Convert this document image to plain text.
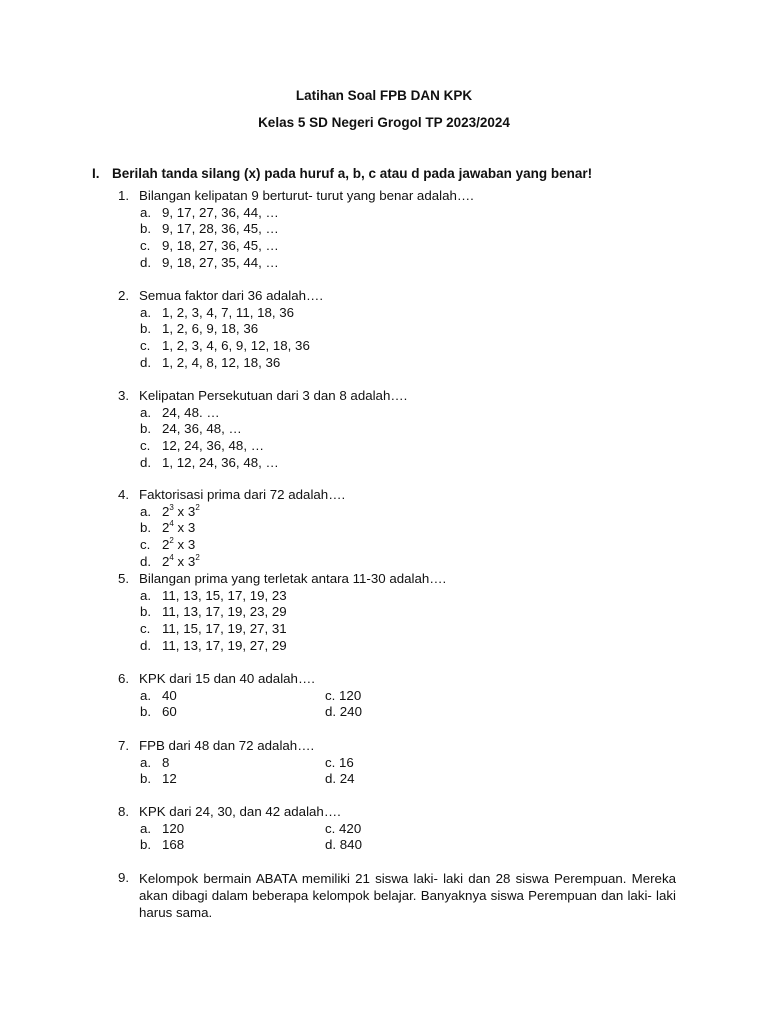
Latihan Soal FPB DAN KPK
Kelas 5 SD Negeri Grogol TP 2023/2024
I. Berilah tanda silang (x) pada huruf a, b, c atau d pada jawaban yang benar!
1. Bilangan kelipatan 9 berturut- turut yang benar adalah….
a. 9, 17, 27, 36, 44, …
b. 9, 17, 28, 36, 45, …
c. 9, 18, 27, 36, 45, …
d. 9, 18, 27, 35, 44, …
2. Semua faktor dari 36 adalah….
a. 1, 2, 3, 4, 7, 11, 18, 36
b. 1, 2, 6, 9, 18, 36
c. 1, 2, 3, 4, 6, 9, 12, 18, 36
d. 1, 2, 4, 8, 12, 18, 36
3. Kelipatan Persekutuan dari 3 dan 8 adalah….
a. 24, 48. …
b. 24, 36, 48, …
c. 12, 24, 36, 48, …
d. 1, 12, 24, 36, 48, …
4. Faktorisasi prima dari 72 adalah….
a. $2^3$ x $3^2$
b. $2^4$ x 3
c. $2^2$ x 3
d. $2^4$ x $3^2$
5. Bilangan prima yang terletak antara 11-30 adalah….
a. 11, 13, 15, 17, 19, 23
b. 11, 13, 17, 19, 23, 29
c. 11, 15, 17, 19, 27, 31
d. 11, 13, 17, 19, 27, 29
6. KPK dari 15 dan 40 adalah….
a. 40	c. 120
b. 60	d. 240
7. FPB dari 48 dan 72 adalah….
a. 8	c. 16
b. 12	d. 24
8. KPK dari 24, 30, dan 42 adalah….
a. 120	c. 420
b. 168	d. 840
9. Kelompok bermain ABATA memiliki 21 siswa laki- laki dan 28 siswa Perempuan. Mereka akan dibagi dalam beberapa kelompok belajar. Banyaknya siswa Perempuan dan laki- laki harus sama.
